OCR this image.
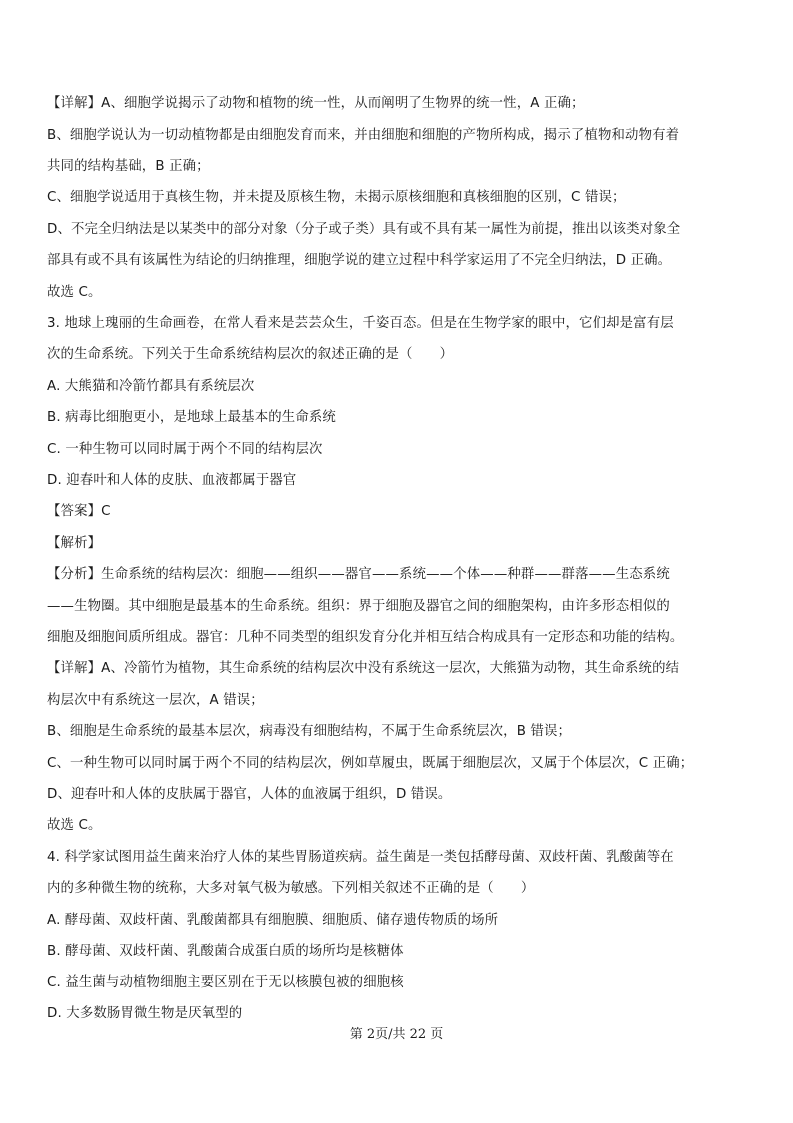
【详解】A、细胞学说揭示了动物和植物的统一性，从而阐明了生物界的统一性，A 正确；
B、细胞学说认为一切动植物都是由细胞发育而来，并由细胞和细胞的产物所构成，揭示了植物和动物有着
共同的结构基础，B 正确；
C、细胞学说适用于真核生物，并未提及原核生物，未揭示原核细胞和真核细胞的区别，C 错误；
D、不完全归纳法是以某类中的部分对象（分子或子类）具有或不具有某一属性为前提，推出以该类对象全
部具有或不具有该属性为结论的归纳推理，细胞学说的建立过程中科学家运用了不完全归纳法，D 正确。
故选 C。
3. 地球上瑰丽的生命画卷，在常人看来是芸芸众生，千姿百态。但是在生物学家的眼中，它们却是富有层
次的生命系统。下列关于生命系统结构层次的叙述正确的是（　　）
A. 大熊猫和冷箭竹都具有系统层次
B. 病毒比细胞更小，是地球上最基本的生命系统
C. 一种生物可以同时属于两个不同的结构层次
D. 迎春叶和人体的皮肤、血液都属于器官
【答案】C
【解析】
【分析】生命系统的结构层次：细胞——组织——器官——系统——个体——种群——群落——生态系统
——生物圈。其中细胞是最基本的生命系统。组织：界于细胞及器官之间的细胞架构，由许多形态相似的
细胞及细胞间质所组成。器官：几种不同类型的组织发育分化并相互结合构成具有一定形态和功能的结构。
【详解】A、冷箭竹为植物，其生命系统的结构层次中没有系统这一层次，大熊猫为动物，其生命系统的结
构层次中有系统这一层次，A 错误；
B、细胞是生命系统的最基本层次，病毒没有细胞结构，不属于生命系统层次，B 错误；
C、一种生物可以同时属于两个不同的结构层次，例如草履虫，既属于细胞层次，又属于个体层次，C 正确；
D、迎春叶和人体的皮肤属于器官，人体的血液属于组织，D 错误。
故选 C。
4. 科学家试图用益生菌来治疗人体的某些胃肠道疾病。益生菌是一类包括酵母菌、双歧杆菌、乳酸菌等在
内的多种微生物的统称，大多对氧气极为敏感。下列相关叙述不正确的是（　　）
A. 酵母菌、双歧杆菌、乳酸菌都具有细胞膜、细胞质、储存遗传物质的场所
B. 酵母菌、双歧杆菌、乳酸菌合成蛋白质的场所均是核糖体
C. 益生菌与动植物细胞主要区别在于无以核膜包被的细胞核
D. 大多数肠胃微生物是厌氧型的
第 2页/共 22 页
